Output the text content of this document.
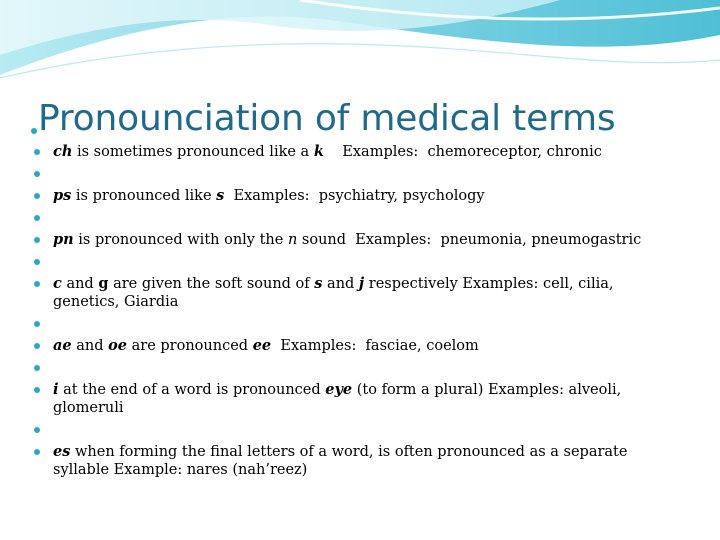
Pronounciation of medical terms
ch is sometimes pronounced like a k    Examples:  chemoreceptor, chronic
ps is pronounced like s  Examples:  psychiatry, psychology
pn is pronounced with only the n sound  Examples:  pneumonia, pneumogastric
c and g are given the soft sound of s and j respectively Examples: cell, cilia, genetics, Giardia
ae and oe are pronounced ee  Examples:  fasciae, coelom
i at the end of a word is pronounced eye (to form a plural) Examples: alveoli, glomeruli
es when forming the final letters of a word, is often pronounced as a separate syllable Example: nares (nah’reez)
